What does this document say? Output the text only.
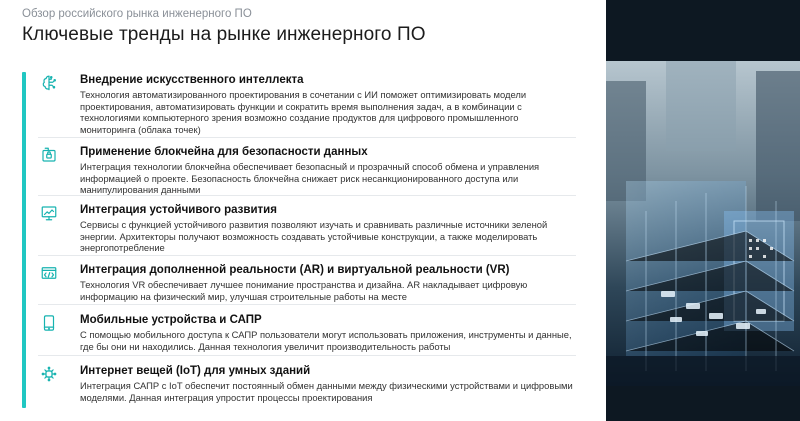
Обзор российского рынка инженерного ПО
Ключевые тренды на рынке инженерного ПО

Внедрение искусственного интеллекта

Технология автоматизированного проектирования в сочетании с ИИ поможет оптимизировать модели проектирования, автоматизировать функции и сократить время выполнения задач, а в комбинации с технологиями компьютерного зрения возможно создание продуктов для цифрового промышленного мониторинга (облака точек)

Применение блокчейна для безопасности данных

Интеграция технологии блокчейна обеспечивает безопасный и прозрачный способ обмена и управления информацией о проекте. Безопасность блокчейна снижает риск несанкционированного доступа или манипулирования данными

Интеграция устойчивого развития

Сервисы с функцией устойчивого развития позволяют изучать и сравнивать различные источники зеленой энергии. Архитекторы получают возможность создавать устойчивые конструкции, а также моделировать энергопотребление

Интеграция дополненной реальности (AR) и виртуальной реальности (VR)

Технология VR обеспечивает лучшее понимание пространства и дизайна. AR накладывает цифровую информацию на физический мир, улучшая строительные работы на месте

Мобильные устройства и САПР

С помощью мобильного доступа к САПР пользователи могут использовать приложения, инструменты и данные, где бы они ни находились. Данная технология увеличит производительность работы

Интернет вещей (IoT) для умных зданий

Интеграция САПР с IoT обеспечит постоянный обмен данными между физическими устройствами и цифровыми моделями. Данная интеграция упростит процессы проектирования
